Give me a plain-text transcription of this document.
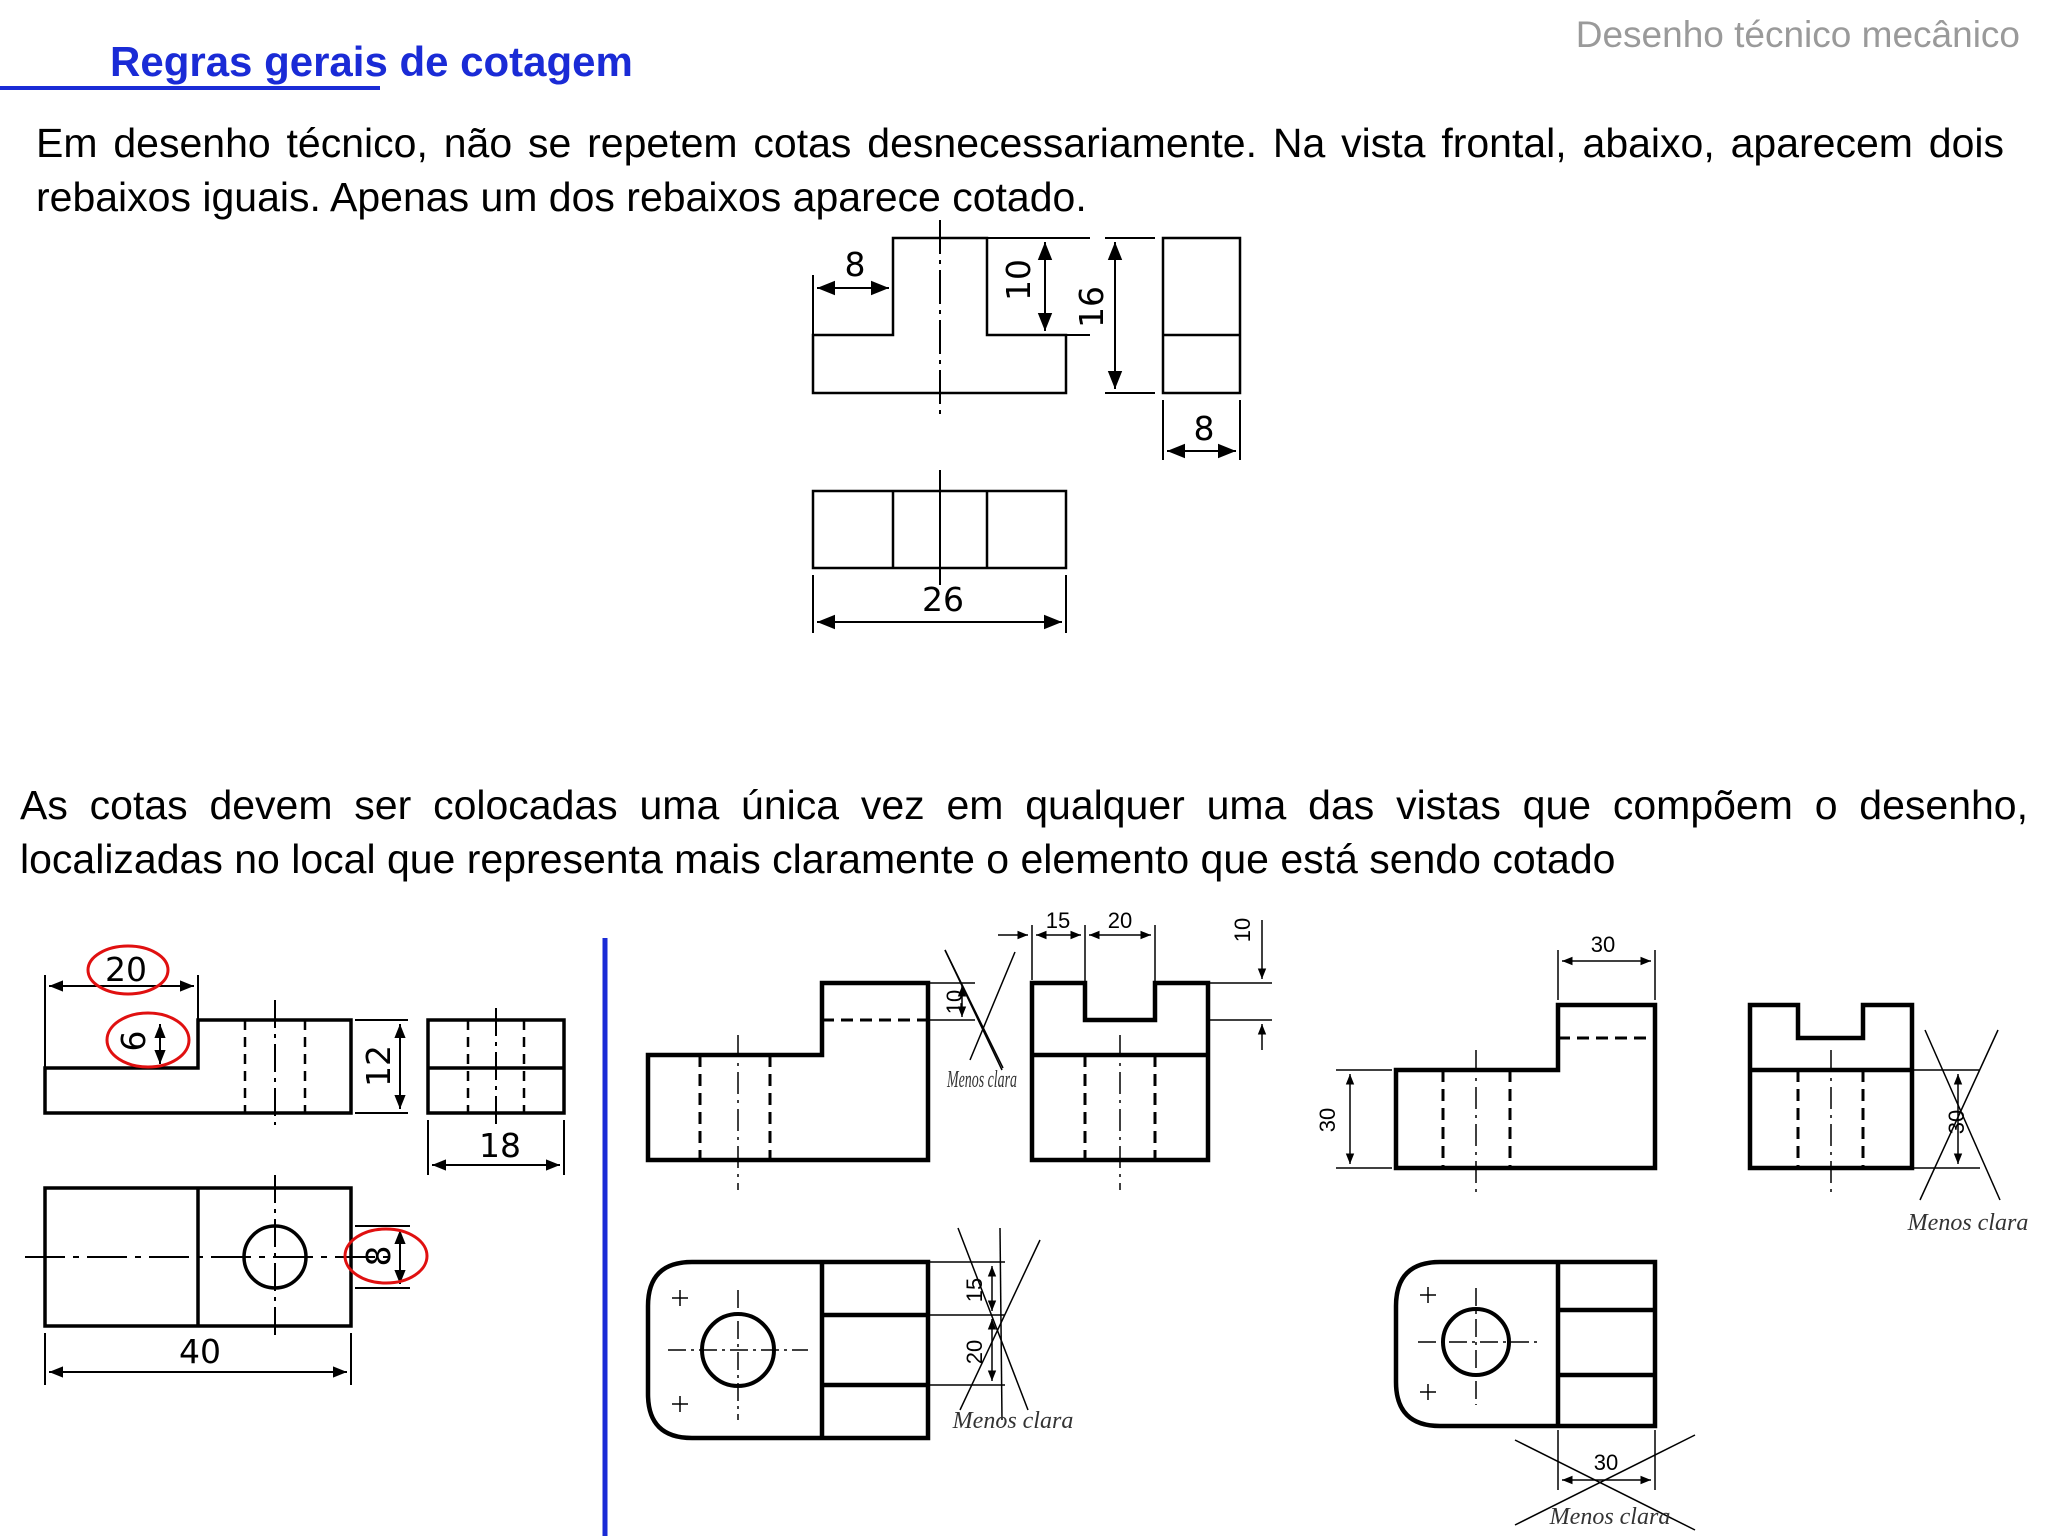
Desenho técnico mecânico
Regras gerais de cotagem
Em desenho técnico, não se repetem cotas desnecessariamente. Na vista frontal, abaixo, aparecem dois rebaixos iguais. Apenas um dos rebaixos aparece cotado.
As cotas devem ser colocadas uma única vez em qualquer uma das vistas que compõem o desenho, localizadas no local que representa mais claramente o elemento que está sendo cotado
8	10
16
8
26
20
6
12
18
8
40
15 20	10
10
15
20
Menos clara
Menos clara
30
30	30
30
Menos clara
Menos clara
